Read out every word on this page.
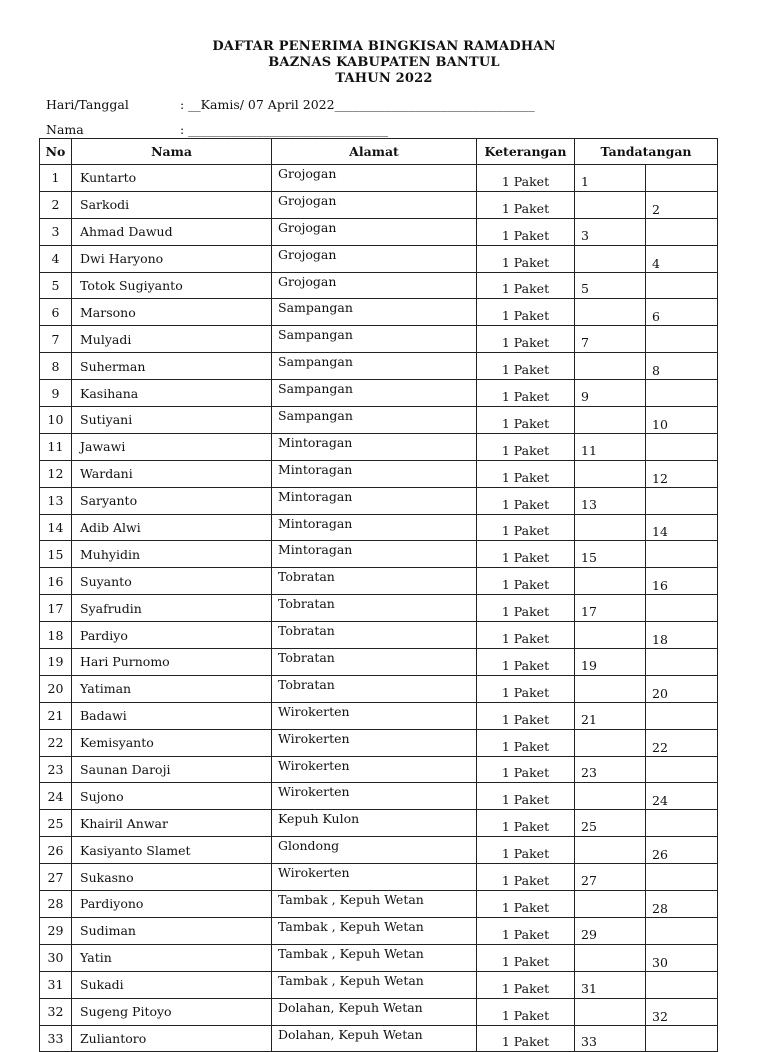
DAFTAR PENERIMA BINGKISAN RAMADHAN
BAZNAS KABUPATEN BANTUL
TAHUN 2022
Hari/Tanggal	: __Kamis/ 07 April 2022________________________________
Nama	: ________________________________
No	Nama	Alamat	Keterangan	Tandatangan	
1	Kuntarto	Grojogan	1 Paket	1	
2	Sarkodi	Grojogan	1 Paket		2
3	Ahmad Dawud	Grojogan	1 Paket	3	
4	Dwi Haryono	Grojogan	1 Paket		4
5	Totok Sugiyanto	Grojogan	1 Paket	5	
6	Marsono	Sampangan	1 Paket		6
7	Mulyadi	Sampangan	1 Paket	7	
8	Suherman	Sampangan	1 Paket		8
9	Kasihana	Sampangan	1 Paket	9	
10	Sutiyani	Sampangan	1 Paket		10
11	Jawawi	Mintoragan	1 Paket	11	
12	Wardani	Mintoragan	1 Paket		12
13	Saryanto	Mintoragan	1 Paket	13	
14	Adib Alwi	Mintoragan	1 Paket		14
15	Muhyidin	Mintoragan	1 Paket	15	
16	Suyanto	Tobratan	1 Paket		16
17	Syafrudin	Tobratan	1 Paket	17	
18	Pardiyo	Tobratan	1 Paket		18
19	Hari Purnomo	Tobratan	1 Paket	19	
20	Yatiman	Tobratan	1 Paket		20
21	Badawi	Wirokerten	1 Paket	21	
22	Kemisyanto	Wirokerten	1 Paket		22
23	Saunan Daroji	Wirokerten	1 Paket	23	
24	Sujono	Wirokerten	1 Paket		24
25	Khairil Anwar	Kepuh Kulon	1 Paket	25	
26	Kasiyanto Slamet	Glondong	1 Paket		26
27	Sukasno	Wirokerten	1 Paket	27	
28	Pardiyono	Tambak , Kepuh Wetan	1 Paket		28
29	Sudiman	Tambak , Kepuh Wetan	1 Paket	29	
30	Yatin	Tambak , Kepuh Wetan	1 Paket		30
31	Sukadi	Tambak , Kepuh Wetan	1 Paket	31	
32	Sugeng Pitoyo	Dolahan, Kepuh Wetan	1 Paket		32
33	Zuliantoro	Dolahan, Kepuh Wetan	1 Paket	33	
